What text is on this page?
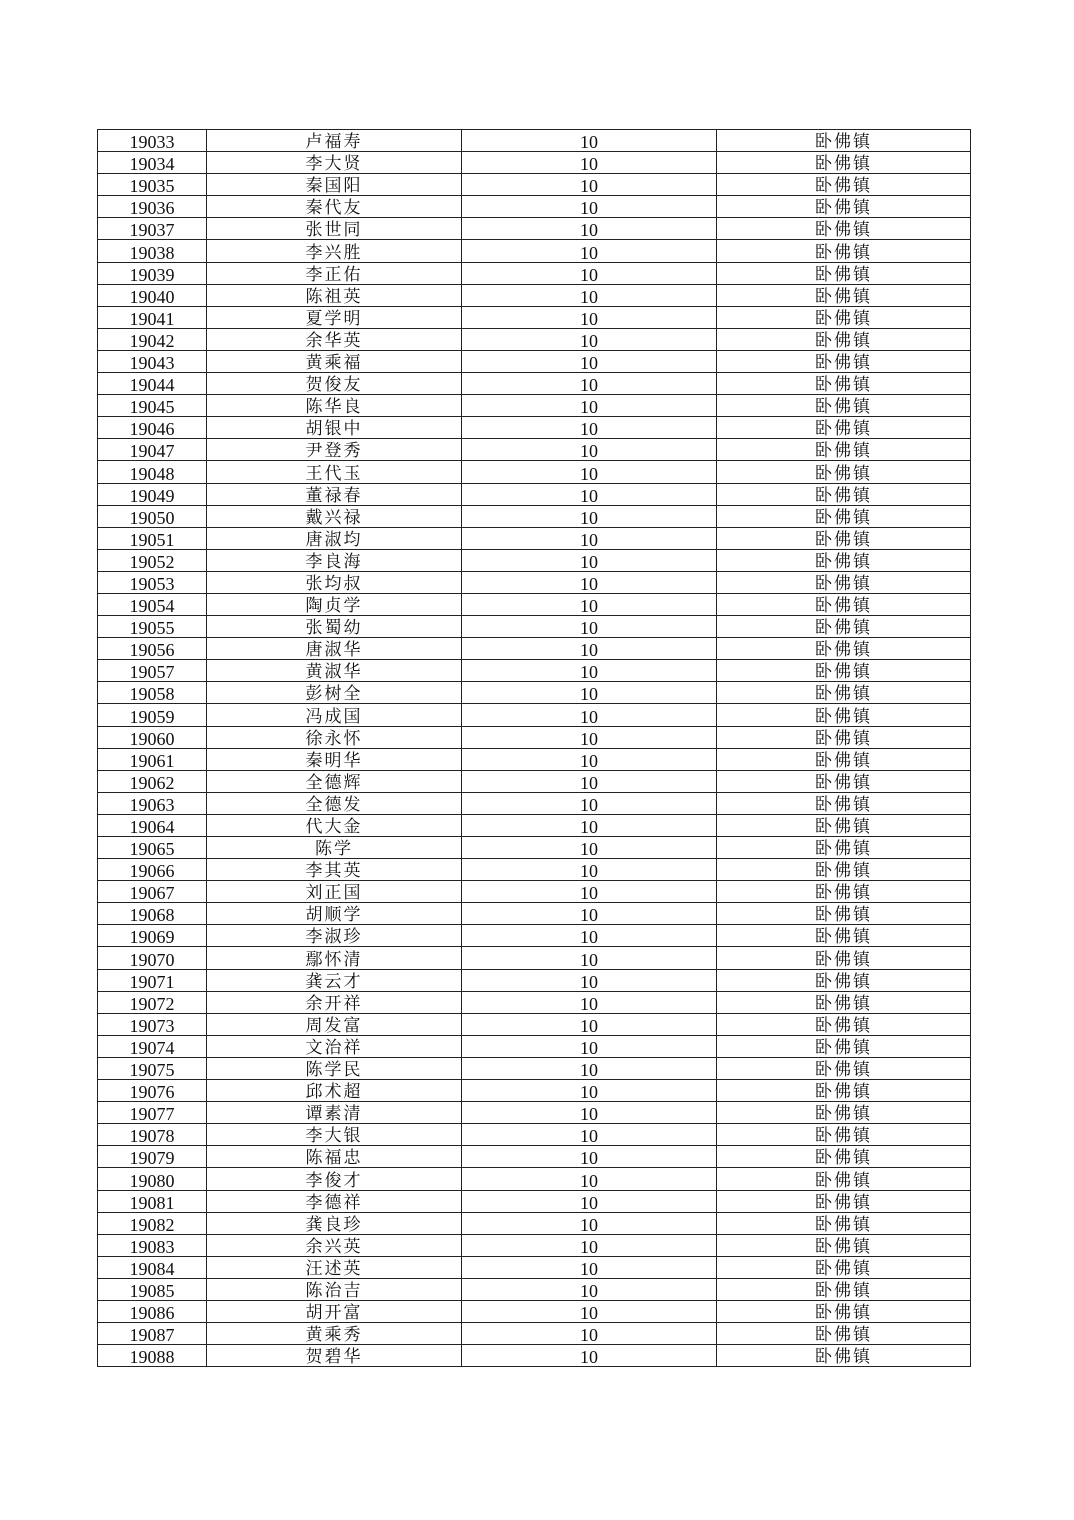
19033	卢福寿	10	卧佛镇
19034	李大贤	10	卧佛镇
19035	秦国阳	10	卧佛镇
19036	秦代友	10	卧佛镇
19037	张世同	10	卧佛镇
19038	李兴胜	10	卧佛镇
19039	李正佑	10	卧佛镇
19040	陈祖英	10	卧佛镇
19041	夏学明	10	卧佛镇
19042	余华英	10	卧佛镇
19043	黄乘福	10	卧佛镇
19044	贺俊友	10	卧佛镇
19045	陈华良	10	卧佛镇
19046	胡银中	10	卧佛镇
19047	尹登秀	10	卧佛镇
19048	王代玉	10	卧佛镇
19049	董禄春	10	卧佛镇
19050	戴兴禄	10	卧佛镇
19051	唐淑均	10	卧佛镇
19052	李良海	10	卧佛镇
19053	张均叔	10	卧佛镇
19054	陶贞学	10	卧佛镇
19055	张蜀幼	10	卧佛镇
19056	唐淑华	10	卧佛镇
19057	黄淑华	10	卧佛镇
19058	彭树全	10	卧佛镇
19059	冯成国	10	卧佛镇
19060	徐永怀	10	卧佛镇
19061	秦明华	10	卧佛镇
19062	全德辉	10	卧佛镇
19063	全德发	10	卧佛镇
19064	代大金	10	卧佛镇
19065	陈学	10	卧佛镇
19066	李其英	10	卧佛镇
19067	刘正国	10	卧佛镇
19068	胡顺学	10	卧佛镇
19069	李淑珍	10	卧佛镇
19070	鄢怀清	10	卧佛镇
19071	龚云才	10	卧佛镇
19072	余开祥	10	卧佛镇
19073	周发富	10	卧佛镇
19074	文治祥	10	卧佛镇
19075	陈学民	10	卧佛镇
19076	邱术超	10	卧佛镇
19077	谭素清	10	卧佛镇
19078	李大银	10	卧佛镇
19079	陈福忠	10	卧佛镇
19080	李俊才	10	卧佛镇
19081	李德祥	10	卧佛镇
19082	龚良珍	10	卧佛镇
19083	余兴英	10	卧佛镇
19084	汪述英	10	卧佛镇
19085	陈治吉	10	卧佛镇
19086	胡开富	10	卧佛镇
19087	黄乘秀	10	卧佛镇
19088	贺碧华	10	卧佛镇
